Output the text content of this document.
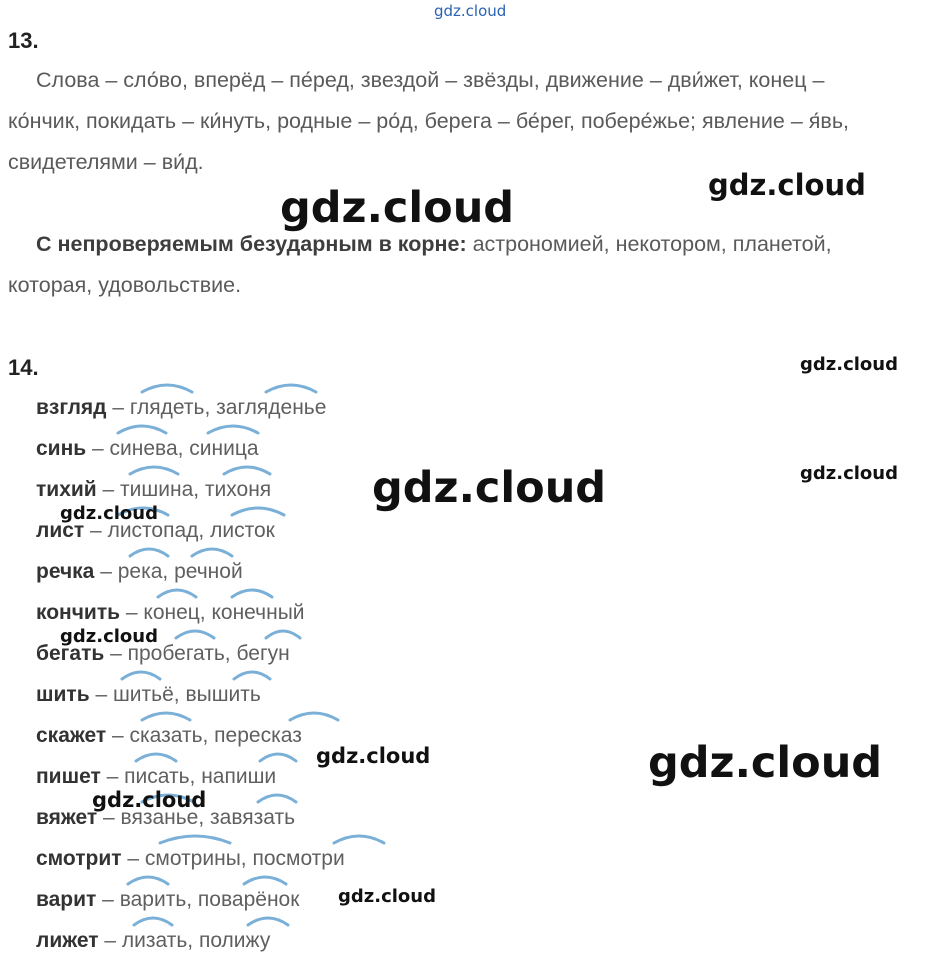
gdz.cloud
13.
Слова – сло́во, вперёд – пе́ред, звездой – звёзды, движение – дви́жет, конец –
ко́нчик, покидать – ки́нуть, родные – ро́д, берега – бе́рег, побере́жье; явление – я́вь,
свидетелями – ви́д.
С непроверяемым безударным в корне: астрономией, некотором, планетой,
которая, удовольствие.
14.
взгляд – глядеть, загляденье
синь – синева, синица
тихий – тишина, тихоня
лист – листопад, листок
речка – река, речной
кончить – конец, конечный
бегать – пробегать, бегун
шить – шитьё, вышить
скажет – сказать, пересказ
пишет – писать, напиши
вяжет – вязанье, завязать
смотрит – смотрины, посмотри
варит – варить, поварёнок
лижет – лизать, полижу
gdz.cloud	gdz.cloud
gdz.cloud
gdz.cloud
gdz.cloud
gdz.cloud
gdz.cloud
gdz.cloud	gdz.cloud
gdz.cloud
gdz.cloud
